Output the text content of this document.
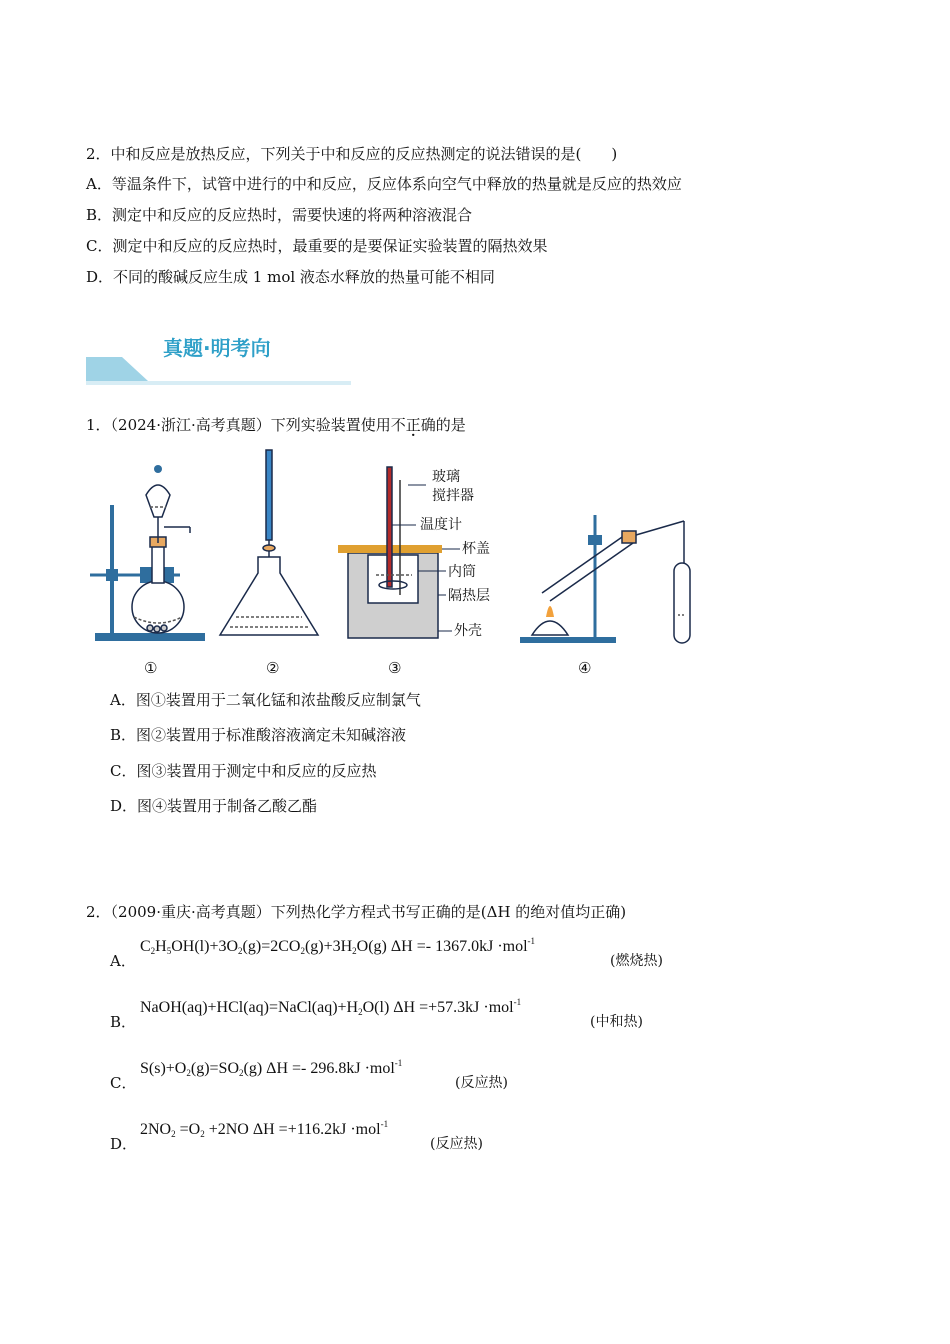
2．中和反应是放热反应，下列关于中和反应的反应热测定的说法错误的是(　　)
A．等温条件下，试管中进行的中和反应，反应体系向空气中释放的热量就是反应的热效应
B．测定中和反应的反应热时，需要快速的将两种溶液混合
C．测定中和反应的反应热时，最重要的是要保证实验装置的隔热效果
D．不同的酸碱反应生成 1 mol 液态水释放的热量可能不相同
真题·明考向
1．（2024·浙江·高考真题）下列实验装置使用不正确的是
①	②
玻璃
搅拌器
温度计
杯盖
内筒
隔热层
外壳
③	④
A．图①装置用于二氧化锰和浓盐酸反应制氯气
B．图②装置用于标准酸溶液滴定未知碱溶液
C．图③装置用于测定中和反应的反应热
D．图④装置用于制备乙酸乙酯
2．（2009·重庆·高考真题）下列热化学方程式书写正确的是(ΔH 的绝对值均正确)
A．
$C_2H_5OH(l)+3O_2(g)=2CO_2(g)+3H_2O(g) \Delta H =- 1367.0kJ \cdot mol^{-1}$
(燃烧热)
B．
$NaOH(aq)+HCl(aq)=NaCl(aq)+H_2O(l)$ ΔH =+57.3kJ ·mol$^{-1}$
(中和热)
C．
$S(s)+O_2(g)=SO_2(g) \Delta H =- 296.8kJ \cdot mol^{-1}$
(反应热)
D．
$2NO_2 =O_2 +2NO$ ΔH =+116.2kJ ·mol$^{-1}$
(反应热)
